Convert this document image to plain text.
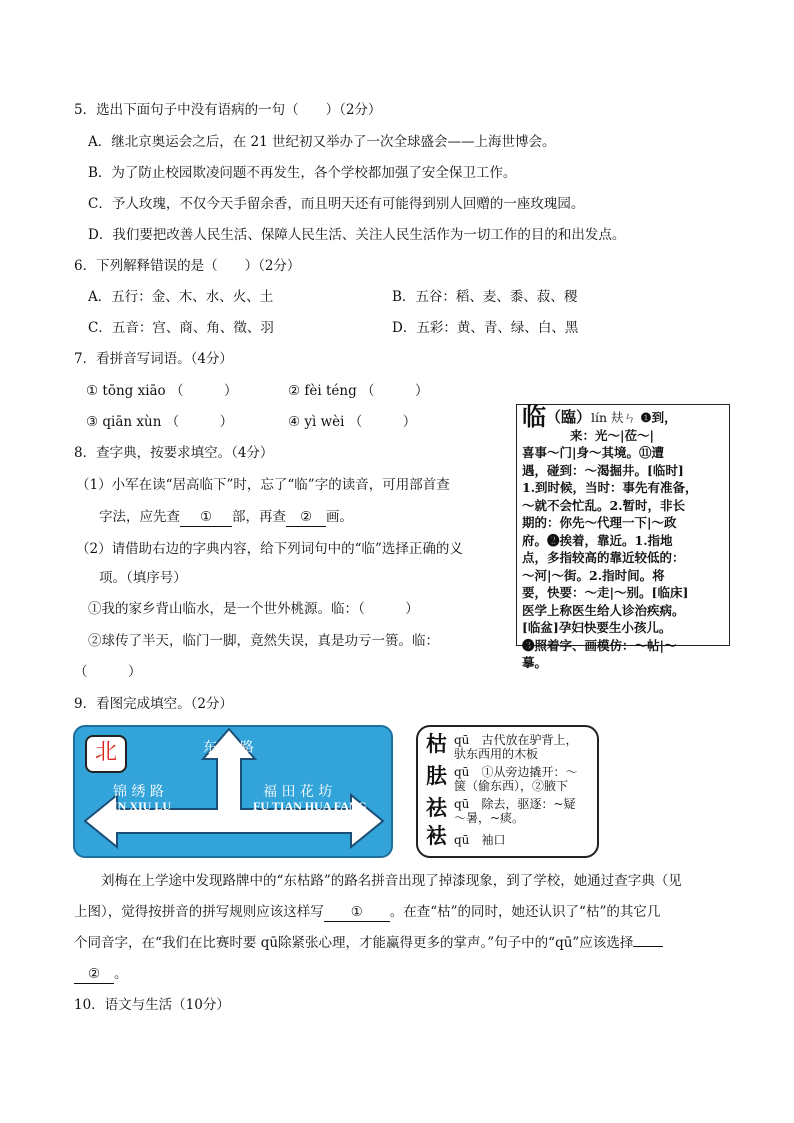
5．选出下面句子中没有语病的一句（　　）（2分）
A．继北京奥运会之后，在 21 世纪初又举办了一次全球盛会——上海世博会。
B．为了防止校园欺凌问题不再发生，各个学校都加强了安全保卫工作。
C．予人玫瑰，不仅今天手留余香，而且明天还有可能得到别人回赠的一座玫瑰园。
D．我们要把改善人民生活、保障人民生活、关注人民生活作为一切工作的目的和出发点。
6．下列解释错误的是（　　）（2分）
A．五行：金、木、水、火、土	B．五谷：稻、麦、黍、菽、稷
C．五音：宫、商、角、徵、羽	D．五彩：黄、青、绿、白、黑
7．看拼音写词语。（4分）
① tōng xiāo （　　　）	② fèi téng （　　　）
③ qiān xùn （　　　）	④ yì wèi （　　　）
8．查字典，按要求填空。（4分）
（1）小军在读“居高临下”时，忘了“临”字的读音，可用部首查
字法，应先查 ① 部，再查 ② 画。
（2）请借助右边的字典内容，给下列词句中的“临”选择正确的义
项。（填序号）
①我的家乡背山临水，是一个世外桃源。临：（　　　）
②球传了半天，临门一脚，竟然失误，真是功亏一篑。临：
（　　　）
临（臨）lín 㚘ㄣ ❶到，
来：光～|莅～|
喜事～门|身～其境。⑪遭
遇，碰到：～渴掘井。[临时]
1.到时候，当时：事先有准备，
～就不会忙乱。2.暂时，非长
期的：你先～代理一下|～政
府。❷挨着，靠近。1.指地
点，多指较高的靠近较低的：
～河|～街。2.指时间。将
要，快要：～走|～别。[临床]
医学上称医生给人诊治疾病。
[临盆]孕妇快要生小孩儿。
❸照着字、画模仿：～帖|～
摹。
9．看图完成填空。（2分）
北	东 枯 路
锦 绣 路
JIN XIU LU
福 田 花 坊
FU TIAN HUA FANG
枯 qū　 古代放在驴背上，
驮东西用的木板
胠 qū　 ①从旁边撬开：～
箧（偷东西），②腋下
祛 qū　 除去，驱逐：~疑
～暑，~痰。
袪 qū　 袖口
刘梅在上学途中发现路牌中的“东枯路”的路名拼音出现了掉漆现象，到了学校，她通过查字典（见
上图），觉得按拼音的拼写规则应该这样写 ① 。在查“枯”的同时，她还认识了“枯”的其它几
个同音字，在“我们在比赛时要 qū除紧张心理，才能赢得更多的掌声。”句子中的“qū”应该选择
② 。
10．语文与生活（10分）
